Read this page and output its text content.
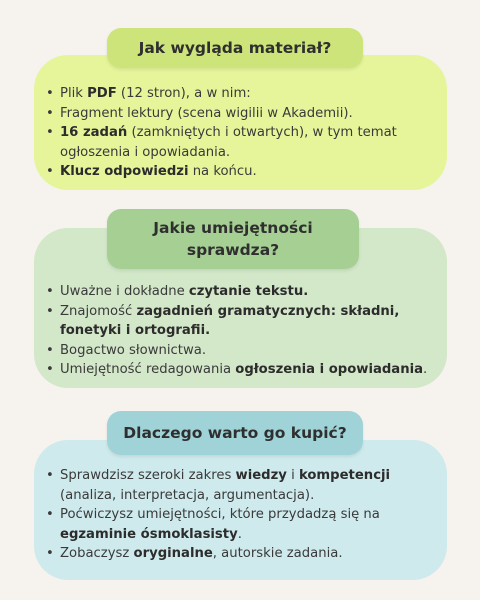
Jak wygląda materiał?
• Plik PDF (12 stron), a w nim:
• Fragment lektury (scena wigilii w Akademii).
• 16 zadań (zamkniętych i otwartych), w tym temat ogłoszenia i opowiadania.
• Klucz odpowiedzi na końcu.
Jakie umiejętności sprawdza?
• Uważne i dokładne czytanie tekstu.
• Znajomość zagadnień gramatycznych: składni, fonetyki i ortografii.
• Bogactwo słownictwa.
• Umiejętność redagowania ogłoszenia i opowiadania.
Dlaczego warto go kupić?
• Sprawdzisz szeroki zakres wiedzy i kompetencji (analiza, interpretacja, argumentacja).
• Poćwiczysz umiejętności, które przydadzą się na egzaminie ósmoklasisty.
• Zobaczysz oryginalne, autorskie zadania.
